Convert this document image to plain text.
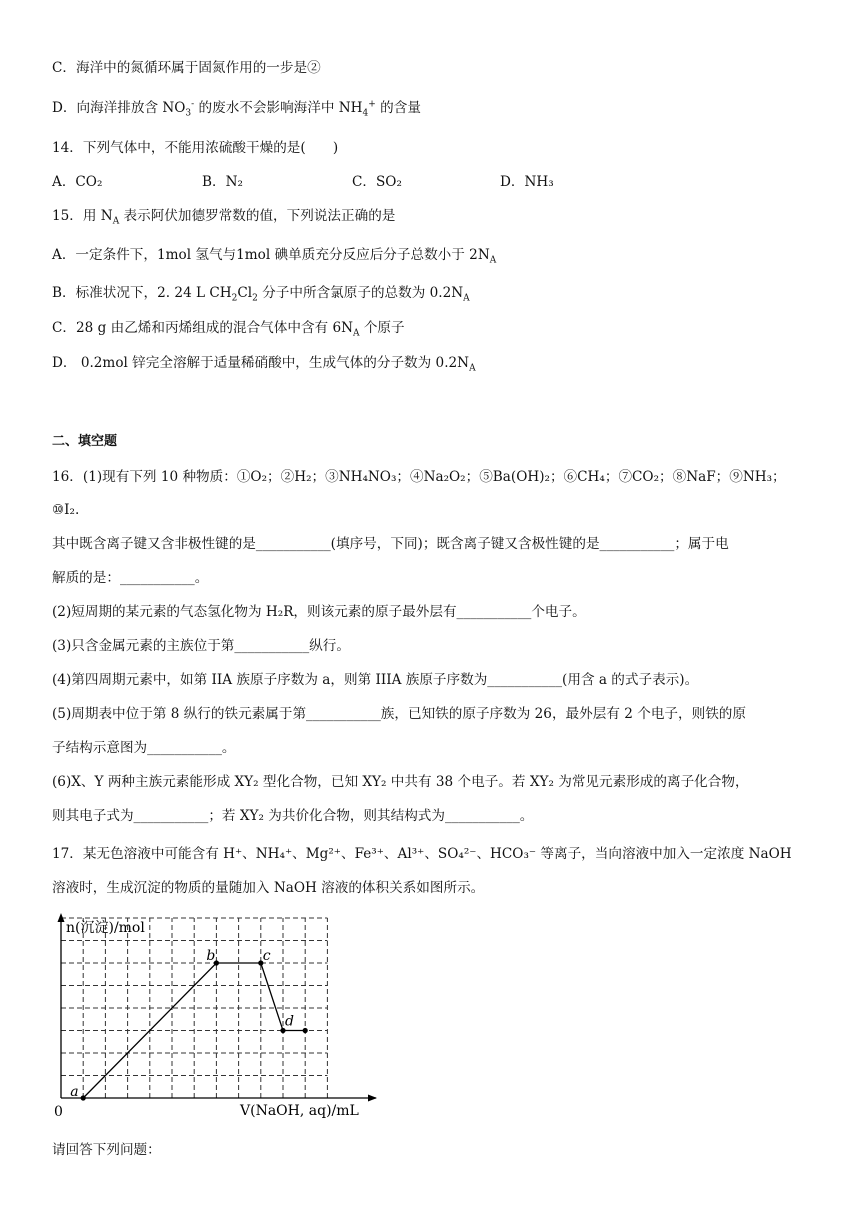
C．海洋中的氮循环属于固氮作用的一步是②
D．向海洋排放含 $NO_3^-$ 的废水不会影响海洋中 $NH_4^+$ 的含量
14．下列气体中，不能用浓硫酸干燥的是(　　)
A．CO₂	B．N₂	C．SO₂	D．NH₃
15．用 $N_A$ 表示阿伏加德罗常数的值，下列说法正确的是
A．一定条件下，1mol 氢气与1mol 碘单质充分反应后分子总数小于 $2N_A$
B．标准状况下，2. 24 L $CH_2Cl_2$ 分子中所含氯原子的总数为 $0.2N_A$
C．28 g 由乙烯和丙烯组成的混合气体中含有 $6N_A$ 个原子
D． 0.2mol 锌完全溶解于适量稀硝酸中，生成气体的分子数为 $0.2N_A$
二、填空题
16．(1)现有下列 10 种物质：①O₂；②H₂；③NH₄NO₃；④Na₂O₂；⑤Ba(OH)₂；⑥CH₄；⑦CO₂；⑧NaF；⑨NH₃；
⑩I₂.
其中既含离子键又含非极性键的是___________(填序号，下同)；既含离子键又含极性键的是___________；属于电
解质的是：___________。
(2)短周期的某元素的气态氢化物为 H₂R，则该元素的原子最外层有___________个电子。
(3)只含金属元素的主族位于第___________纵行。
(4)第四周期元素中，如第 IIA 族原子序数为 a，则第 IIIA 族原子序数为___________(用含 a 的式子表示)。
(5)周期表中位于第 8 纵行的铁元素属于第___________族，已知铁的原子序数为 26，最外层有 2 个电子，则铁的原
子结构示意图为___________。
(6)X、Y 两种主族元素能形成 XY₂ 型化合物，已知 XY₂ 中共有 38 个电子。若 XY₂ 为常见元素形成的离子化合物，
则其电子式为___________；若 XY₂ 为共价化合物，则其结构式为___________。
17．某无色溶液中可能含有 H⁺、NH₄⁺、Mg²⁺、Fe³⁺、Al³⁺、SO₄²⁻、HCO₃⁻ 等离子，当向溶液中加入一定浓度 NaOH
溶液时，生成沉淀的物质的量随加入 NaOH 溶液的体积关系如图所示。
n(沉淀)/mol
V(NaOH, aq)/mL
0
a
b	c
d
请回答下列问题：
